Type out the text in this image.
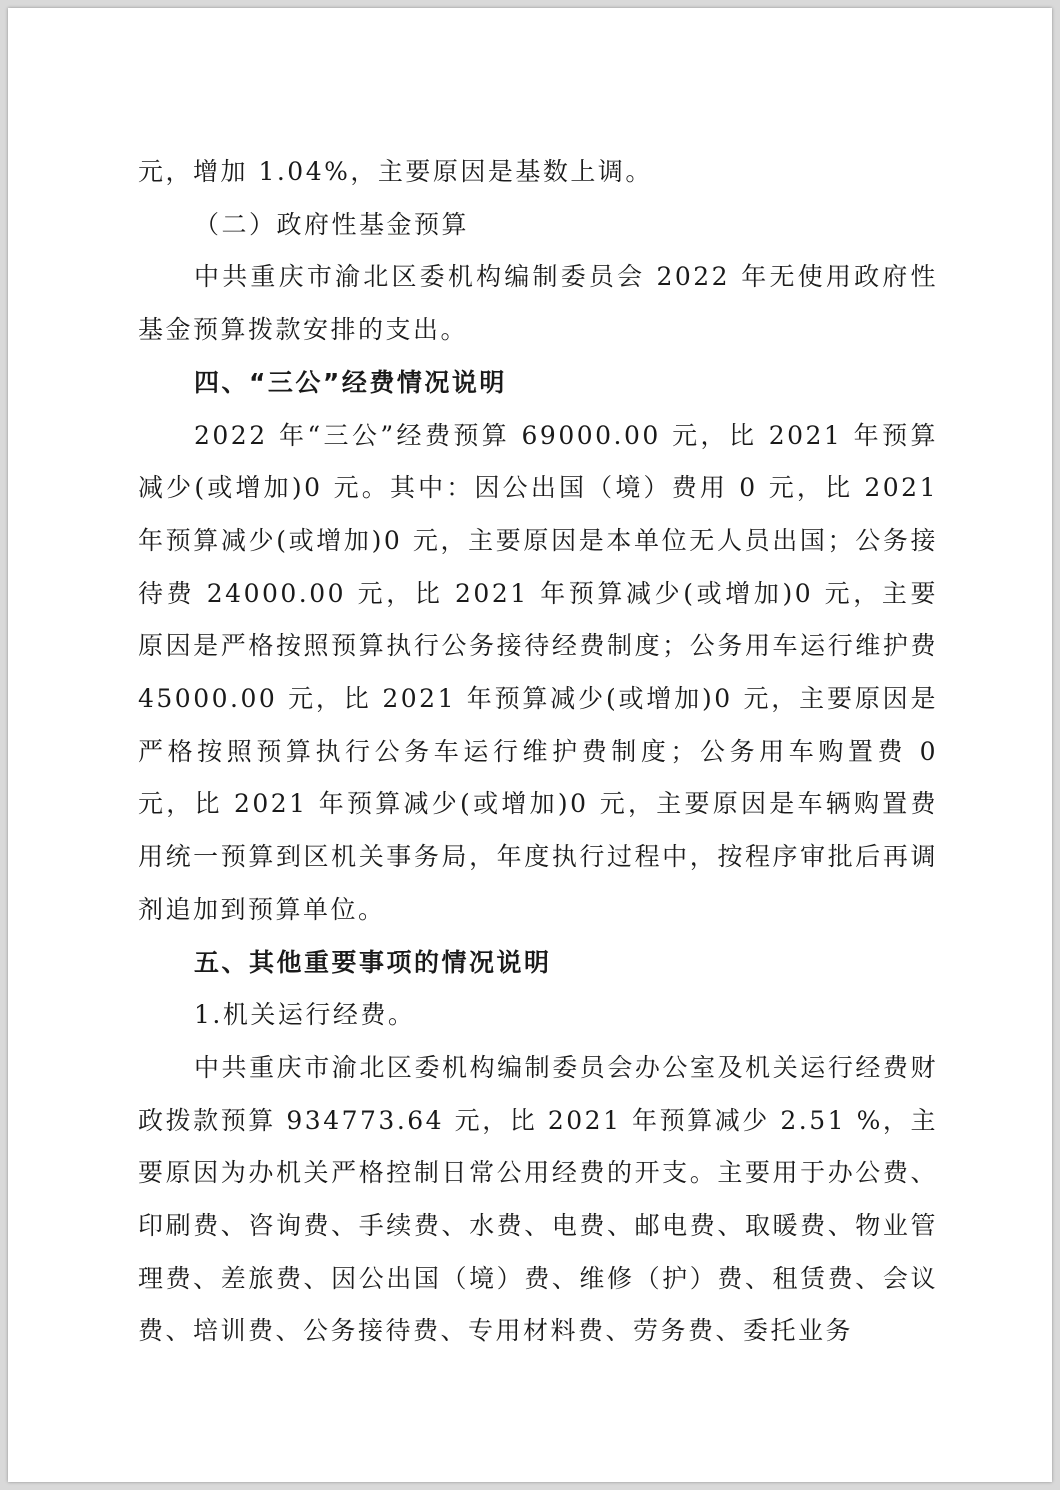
元，增加 1.04%，主要原因是基数上调。

（二）政府性基金预算

中共重庆市渝北区委机构编制委员会 2022 年无使用政府性基金预算拨款安排的支出。

四、“三公”经费情况说明

2022 年“三公”经费预算 69000.00 元，比 2021 年预算减少(或增加)0 元。其中：因公出国（境）费用 0 元，比 2021 年预算减少(或增加)0 元，主要原因是本单位无人员出国；公务接待费 24000.00 元，比 2021 年预算减少(或增加)0 元，主要原因是严格按照预算执行公务接待经费制度；公务用车运行维护费 45000.00 元，比 2021 年预算减少(或增加)0 元，主要原因是严格按照预算执行公务车运行维护费制度；公务用车购置费 0 元，比 2021 年预算减少(或增加)0 元，主要原因是车辆购置费用统一预算到区机关事务局，年度执行过程中，按程序审批后再调剂追加到预算单位。

五、其他重要事项的情况说明

1.机关运行经费。

中共重庆市渝北区委机构编制委员会办公室及机关运行经费财政拨款预算 934773.64 元，比 2021 年预算减少 2.51 %，主要原因为办机关严格控制日常公用经费的开支。主要用于办公费、印刷费、咨询费、手续费、水费、电费、邮电费、取暖费、物业管理费、差旅费、因公出国（境）费、维修（护）费、租赁费、会议费、培训费、公务接待费、专用材料费、劳务费、委托业务
